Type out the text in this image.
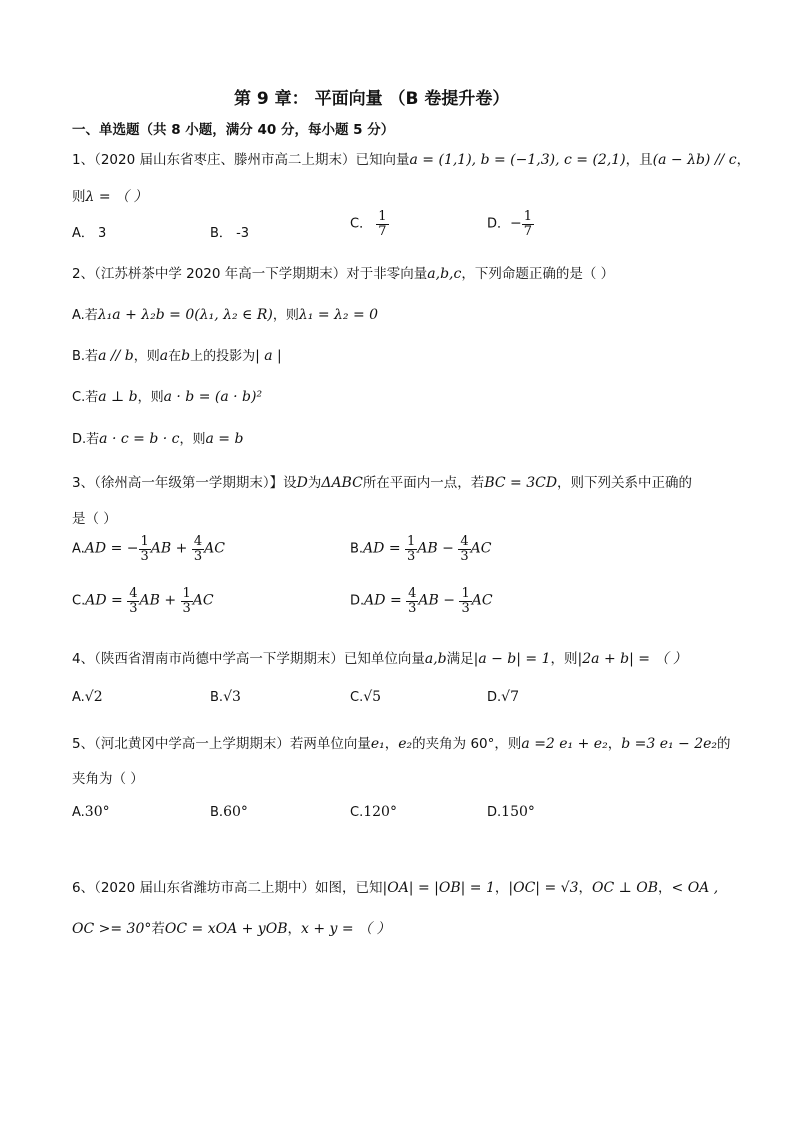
第 9 章： 平面向量 （B 卷提升卷）
一、单选题（共 8 小题，满分 40 分，每小题 5 分）
1、（2020 届山东省枣庄、滕州市高二上期末）已知向量a = (1,1), b = (−1,3), c = (2,1)，且(a − λb) // c，
则λ = （ ）
A． 3	B． -3
C． $\frac{1}{7}$	D．− $\frac{1}{7}$
2、（江苏栟茶中学 2020 年高一下学期期末）对于非零向量a,b,c，下列命题正确的是（ ）
A.若λ₁a + λ₂b = 0(λ₁, λ₂ ∈ R)，则λ₁ = λ₂ = 0
B.若a // b，则a在b上的投影为| a |
C.若a ⊥ b，则a · b = (a · b)²
D.若a · c = b · c，则a = b
3、（徐州高一年级第一学期期末）】设D为ΔABC所在平面内一点，若BC = 3CD，则下列关系中正确的
是（ ）
A.AD = − $\frac{1}{3}$ AB + $\frac{4}{3}$ AC	$B.AD = \frac{1}{3}$ AB − $\frac{4}{3}$ AC
$C.AD = \frac{4}{3}$ AB + $\frac{1}{3}$ AC	$D.AD = \frac{4}{3}$ AB − $\frac{1}{3}$ AC
4、（陕西省渭南市尚德中学高一下学期期末）已知单位向量a,b满足|a − b| = 1，则|2a + b| = （ ）
A.√2	B.√3	C.√5	D.√7
5、（河北黄冈中学高一上学期期末）若两单位向量e₁，e₂的夹角为 60°，则a =2 e₁ + e₂，b =3 e₁ − 2e₂的
夹角为（ ）
A.30°	B.60°	C.120°	D.150°
6、（2020 届山东省潍坊市高二上期中）如图，已知|OA| = |OB| = 1，|OC| = √3，OC ⊥ OB，< OA ,
OC >= 30°若OC = xOA + yOB，x + y = （ ）
